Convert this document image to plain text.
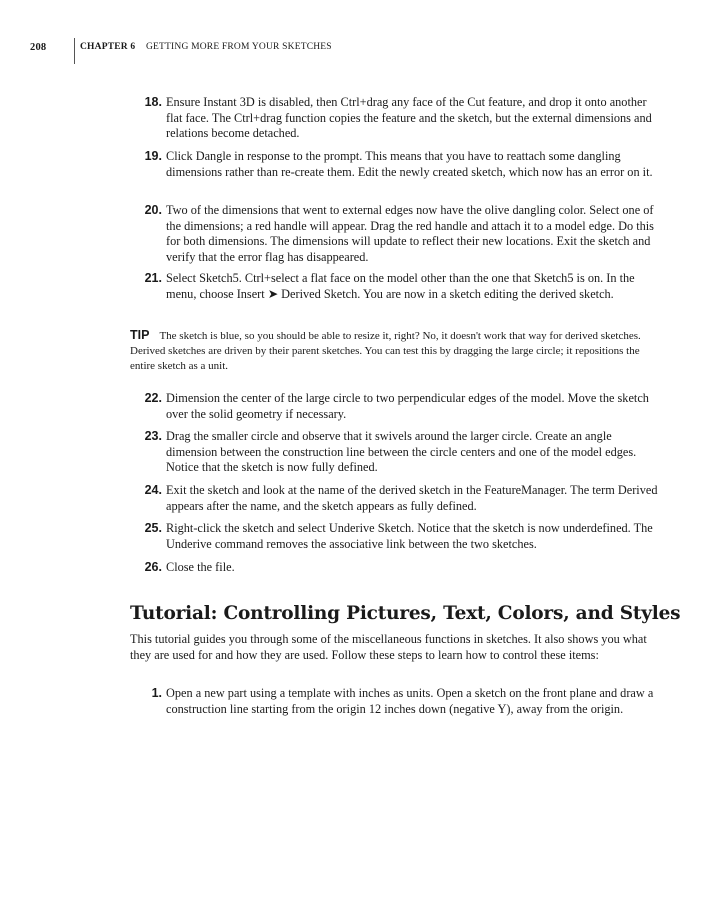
208	CHAPTER 6 GETTING MORE FROM YOUR SKETCHES
18. Ensure Instant 3D is disabled, then Ctrl+drag any face of the Cut feature, and drop it onto another flat face. The Ctrl+drag function copies the feature and the sketch, but the external dimensions and relations become detached.
19. Click Dangle in response to the prompt. This means that you have to reattach some dangling dimensions rather than re-create them. Edit the newly created sketch, which now has an error on it.
20. Two of the dimensions that went to external edges now have the olive dangling color. Select one of the dimensions; a red handle will appear. Drag the red handle and attach it to a model edge. Do this for both dimensions. The dimensions will update to reflect their new locations. Exit the sketch and verify that the error flag has disappeared.
21. Select Sketch5. Ctrl+select a flat face on the model other than the one that Sketch5 is on. In the menu, choose Insert ➤ Derived Sketch. You are now in a sketch editing the derived sketch.
TIP The sketch is blue, so you should be able to resize it, right? No, it doesn't work that way for derived sketches. Derived sketches are driven by their parent sketches. You can test this by dragging the large circle; it repositions the entire sketch as a unit.
22. Dimension the center of the large circle to two perpendicular edges of the model. Move the sketch over the solid geometry if necessary.
23. Drag the smaller circle and observe that it swivels around the larger circle. Create an angle dimension between the construction line between the circle centers and one of the model edges. Notice that the sketch is now fully defined.
24. Exit the sketch and look at the name of the derived sketch in the FeatureManager. The term Derived appears after the name, and the sketch appears as fully defined.
25. Right-click the sketch and select Underive Sketch. Notice that the sketch is now underdefined. The Underive command removes the associative link between the two sketches.
26. Close the file.
Tutorial: Controlling Pictures, Text, Colors, and Styles
This tutorial guides you through some of the miscellaneous functions in sketches. It also shows you what they are used for and how they are used. Follow these steps to learn how to control these items:
1. Open a new part using a template with inches as units. Open a sketch on the front plane and draw a construction line starting from the origin 12 inches down (negative Y), away from the origin.
